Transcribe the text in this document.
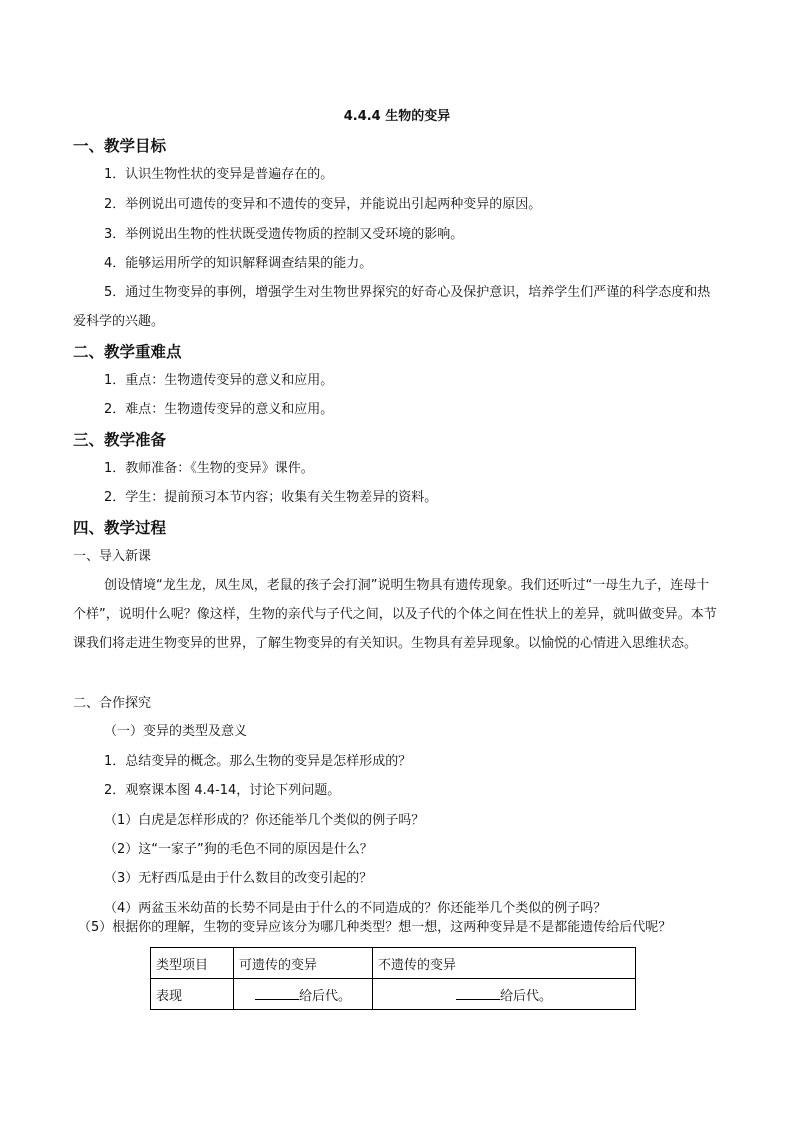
4.4.4 生物的变异
一、教学目标
1．认识生物性状的变异是普遍存在的。
2．举例说出可遗传的变异和不遗传的变异，并能说出引起两种变异的原因。
3．举例说出生物的性状既受遗传物质的控制又受环境的影响。
4．能够运用所学的知识解释调查结果的能力。
5．通过生物变异的事例，增强学生对生物世界探究的好奇心及保护意识，培养学生们严谨的科学态度和热爱科学的兴趣。
二、教学重难点
1．重点：生物遗传变异的意义和应用。
2．难点：生物遗传变异的意义和应用。
三、教学准备
1．教师准备：《生物的变异》课件。
2．学生：提前预习本节内容；收集有关生物差异的资料。
四、教学过程
一、导入新课
创设情境“龙生龙，凤生凤，老鼠的孩子会打洞”说明生物具有遗传现象。我们还听过“一母生九子，连母十个样”，说明什么呢？像这样，生物的亲代与子代之间，以及子代的个体之间在性状上的差异，就叫做变异。本节课我们将走进生物变异的世界，了解生物变异的有关知识。生物具有差异现象。以愉悦的心情进入思维状态。
二、合作探究
（一）变异的类型及意义
1．总结变异的概念。那么生物的变异是怎样形成的？
2．观察课本图 4.4-14，讨论下列问题。
（1）白虎是怎样形成的？你还能举几个类似的例子吗？
（2）这“一家子”狗的毛色不同的原因是什么？
（3）无籽西瓜是由于什么数目的改变引起的？
（4）两盆玉米幼苗的长势不同是由于什么的不同造成的？你还能举几个类似的例子吗？
（5）根据你的理解，生物的变异应该分为哪几种类型？想一想，这两种变异是不是都能遗传给后代呢？
类型项目	可遗传的变异	不遗传的变异
表现	给后代。	给后代。
